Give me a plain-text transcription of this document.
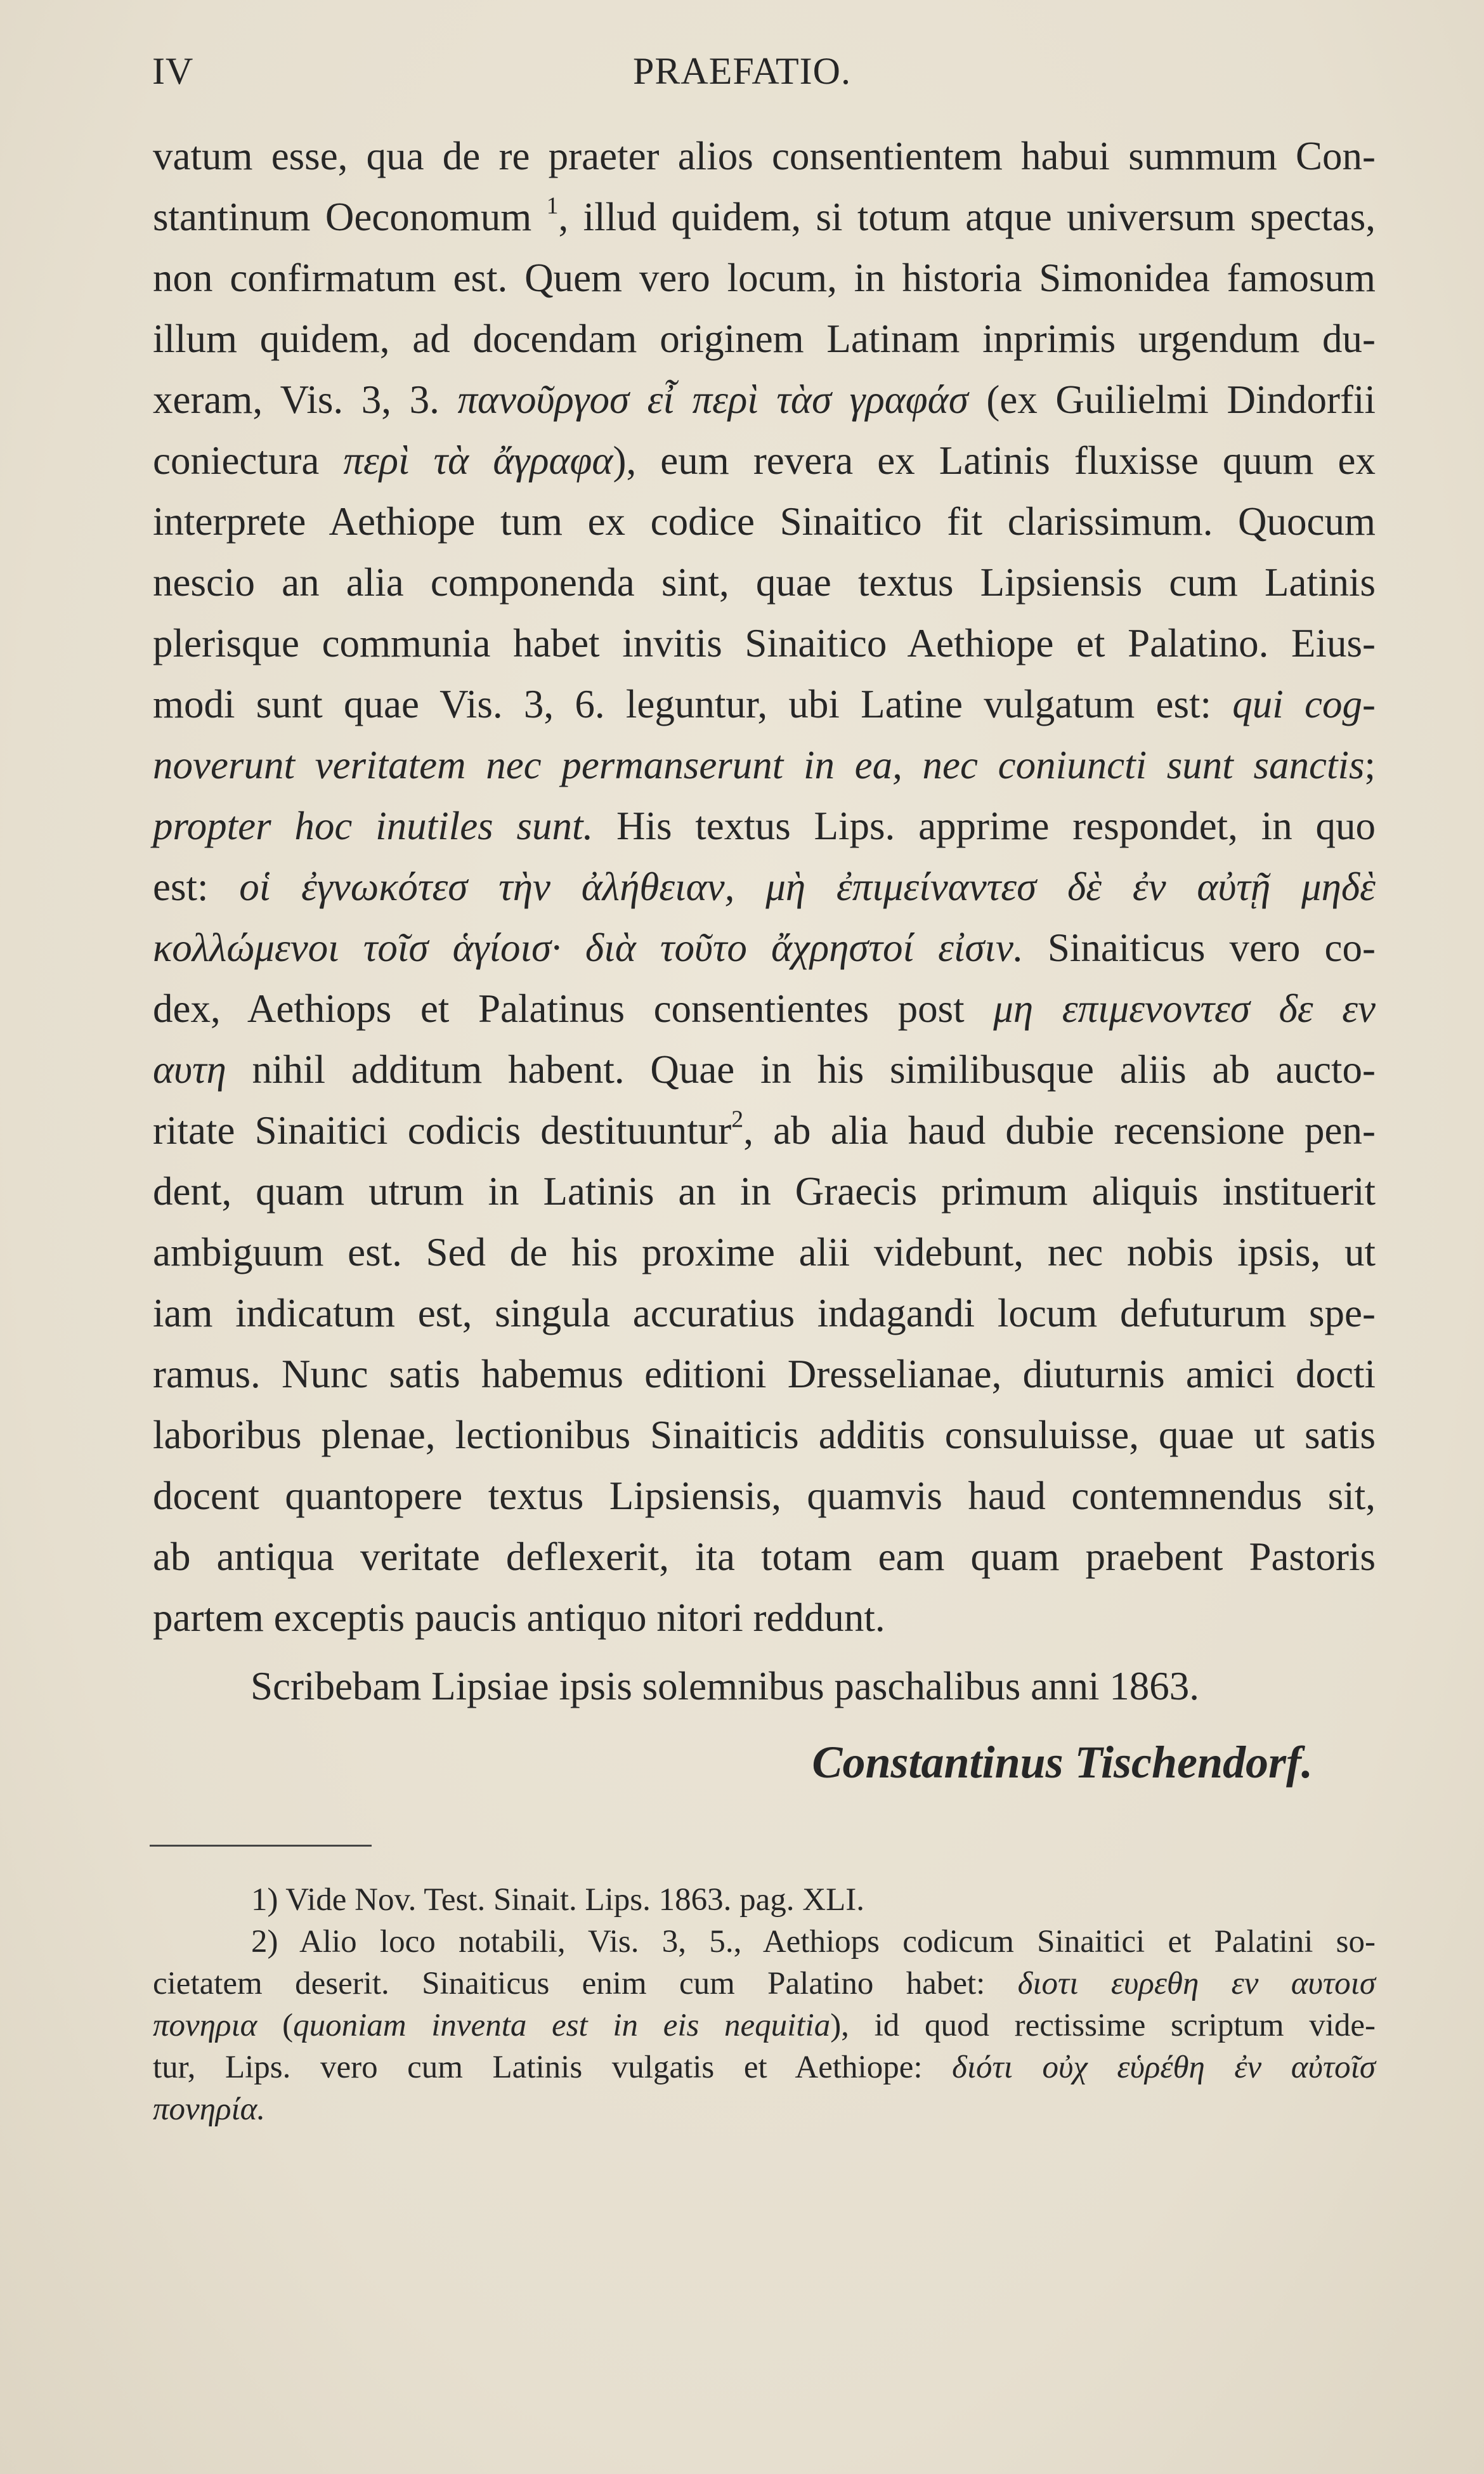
IV	PRAEFATIO.
vatum esse, qua de re praeter alios consentientem habui summum Con-
stantinum Oeconomum $^1$, illud quidem, si totum atque universum spectas,
non confirmatum est. Quem vero locum, in historia Simonidea famosum
illum quidem, ad docendam originem Latinam inprimis urgendum du-
xeram, Vis. 3, 3. πανοῦργοσ εἶ περὶ τὰσ γραφάσ (ex Guilielmi Dindorfii
coniectura περὶ τὰ ἄγραφα), eum revera ex Latinis fluxisse quum ex
interprete Aethiope tum ex codice Sinaitico fit clarissimum. Quocum
nescio an alia componenda sint, quae textus Lipsiensis cum Latinis
plerisque communia habet invitis Sinaitico Aethiope et Palatino. Eius-
modi sunt quae Vis. 3, 6. leguntur, ubi Latine vulgatum est: qui cog-
noverunt veritatem nec permanserunt in ea, nec coniuncti sunt sanctis;
propter hoc inutiles sunt. His textus Lips. apprime respondet, in quo
est: οἱ ἐγνωκότεσ τὴν ἀλήθειαν, μὴ ἐπιμείναντεσ δὲ ἐν αὐτῇ μηδὲ
κολλώμενοι τοῖσ ἁγίοισ· διὰ τοῦτο ἄχρηστοί εἰσιν. Sinaiticus vero co-
dex, Aethiops et Palatinus consentientes post μη επιμενοντεσ δε εν
αυτη nihil additum habent. Quae in his similibusque aliis ab aucto-
ritate Sinaitici codicis destituuntur$^2$, ab alia haud dubie recensione pen-
dent, quam utrum in Latinis an in Graecis primum aliquis instituerit
ambiguum est. Sed de his proxime alii videbunt, nec nobis ipsis, ut
iam indicatum est, singula accuratius indagandi locum defuturum spe-
ramus. Nunc satis habemus editioni Dresselianae, diuturnis amici docti
laboribus plenae, lectionibus Sinaiticis additis consuluisse, quae ut satis
docent quantopere textus Lipsiensis, quamvis haud contemnendus sit,
ab antiqua veritate deflexerit, ita totam eam quam praebent Pastoris
partem exceptis paucis antiquo nitori reddunt.
Scribebam Lipsiae ipsis solemnibus paschalibus anni 1863.
Constantinus Tischendorf.
1) Vide Nov. Test. Sinait. Lips. 1863. pag. XLI.
2) Alio loco notabili, Vis. 3, 5., Aethiops codicum Sinaitici et Palatini so-
cietatem deserit. Sinaiticus enim cum Palatino habet: διοτι ευρεθη εν αυτοισ
πονηρια (quoniam inventa est in eis nequitia), id quod rectissime scriptum vide-
tur, Lips. vero cum Latinis vulgatis et Aethiope: διότι οὐχ εὑρέθη ἐν αὐτοῖσ
πονηρία.
